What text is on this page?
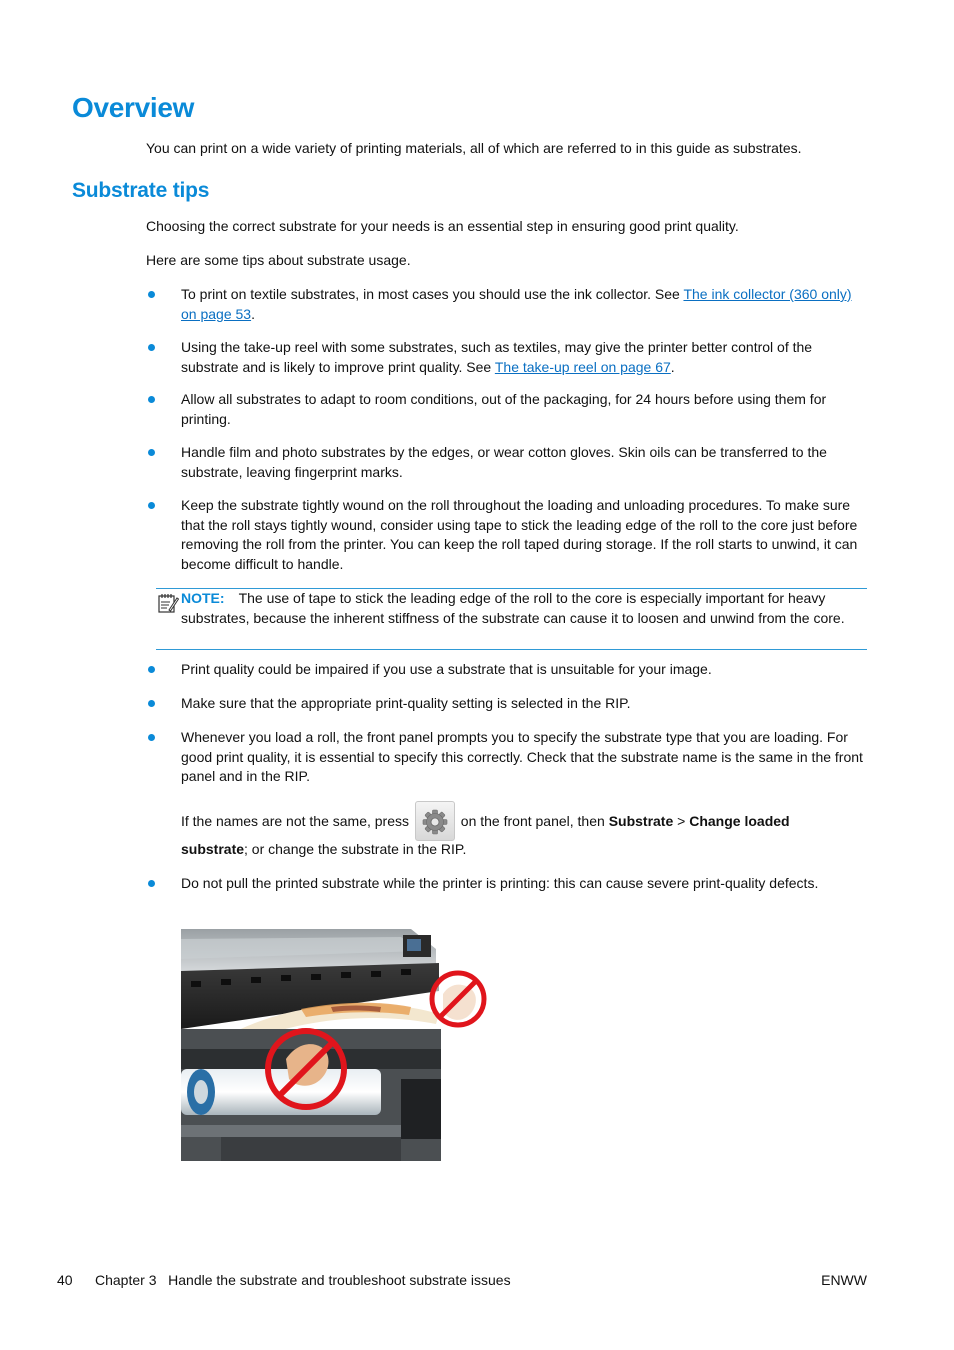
Overview

You can print on a wide variety of printing materials, all of which are referred to in this guide as substrates.

Substrate tips

Choosing the correct substrate for your needs is an essential step in ensuring good print quality.

Here are some tips about substrate usage.

To print on textile substrates, in most cases you should use the ink collector. See The ink collector (360 only) on page 53.
Using the take-up reel with some substrates, such as textiles, may give the printer better control of the substrate and is likely to improve print quality. See The take-up reel on page 67.
Allow all substrates to adapt to room conditions, out of the packaging, for 24 hours before using them for printing.
Handle film and photo substrates by the edges, or wear cotton gloves. Skin oils can be transferred to the substrate, leaving fingerprint marks.
Keep the substrate tightly wound on the roll throughout the loading and unloading procedures. To make sure that the roll stays tightly wound, consider using tape to stick the leading edge of the roll to the core just before removing the roll from the printer. You can keep the roll taped during storage. If the roll starts to unwind, it can become difficult to handle.
NOTE: The use of tape to stick the leading edge of the roll to the core is especially important for heavy substrates, because the inherent stiffness of the substrate can cause it to loosen and unwind from the core.
Print quality could be impaired if you use a substrate that is unsuitable for your image.
Make sure that the appropriate print-quality setting is selected in the RIP.
Whenever you load a roll, the front panel prompts you to specify the substrate type that you are loading. For good print quality, it is essential to specify this correctly. Check that the substrate name is the same in the front panel and in the RIP.
If the names are not the same, press	on the front panel, then Substrate > Change loaded
substrate; or change the substrate in the RIP.
Do not pull the printed substrate while the printer is printing: this can cause severe print-quality defects.
40 Chapter 3   Handle the substrate and troubleshoot substrate issues	ENWW
